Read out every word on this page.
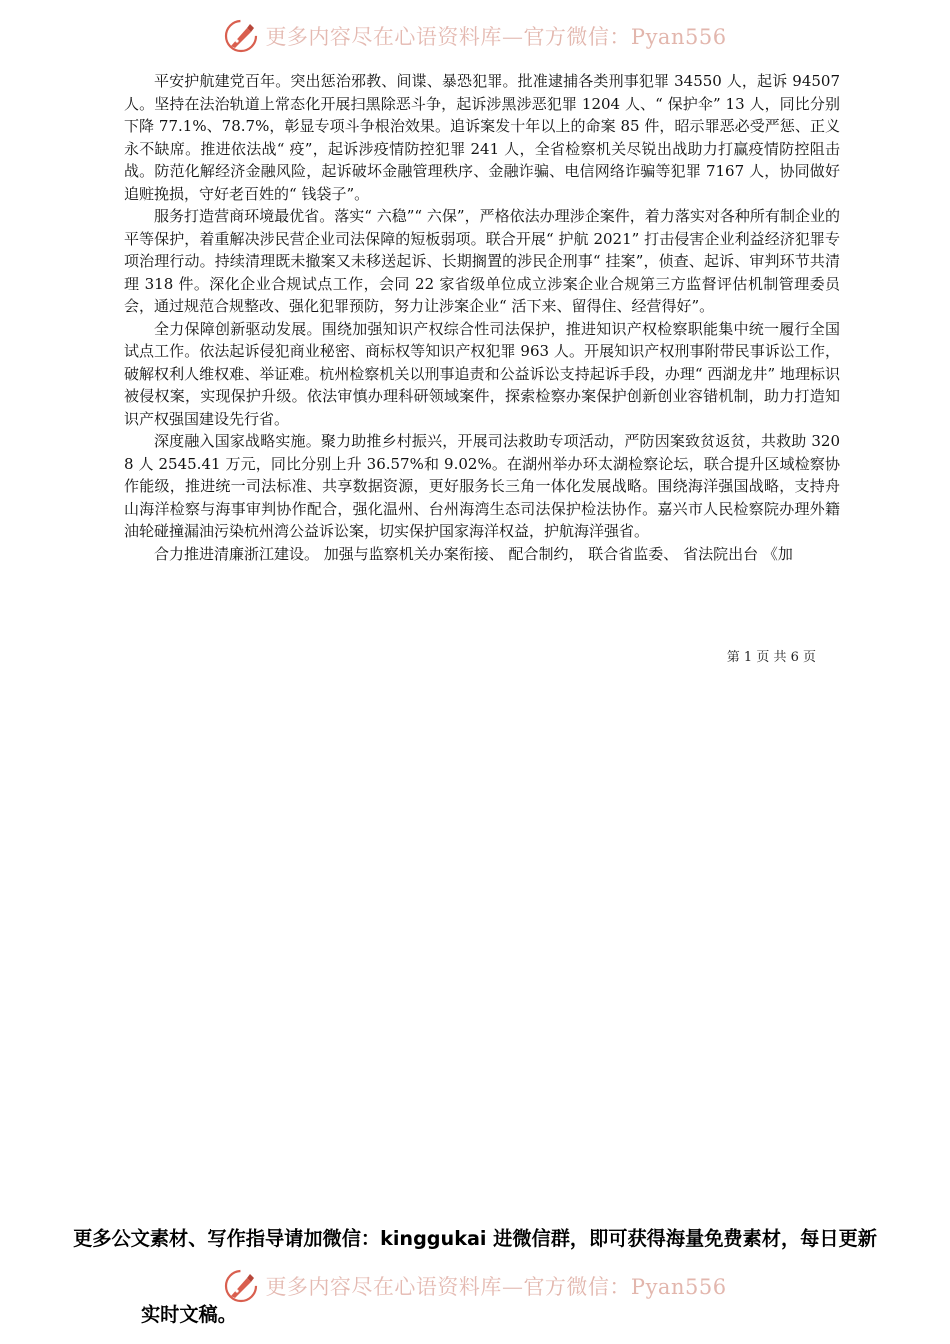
更多内容尽在心语资料库—官方微信：Pyan556

平安护航建党百年。突出惩治邪教、间谍、暴恐犯罪。批准逮捕各类刑事犯罪 34550 人，起诉 94507 人。坚持在法治轨道上常态化开展扫黑除恶斗争，起诉涉黑涉恶犯罪 1204 人、“ 保护伞” 13 人，同比分别下降 77.1%、78.7%，彰显专项斗争根治效果。追诉案发十年以上的命案 85 件，昭示罪恶必受严惩、正义永不缺席。推进依法战“ 疫”，起诉涉疫情防控犯罪 241 人，全省检察机关尽锐出战助力打赢疫情防控阻击战。防范化解经济金融风险，起诉破坏金融管理秩序、金融诈骗、电信网络诈骗等犯罪 7167 人，协同做好追赃挽损，守好老百姓的“ 钱袋子”。

服务打造营商环境最优省。落实“ 六稳”“ 六保”，严格依法办理涉企案件，着力落实对各种所有制企业的平等保护，着重解决涉民营企业司法保障的短板弱项。联合开展“ 护航 2021” 打击侵害企业利益经济犯罪专项治理行动。持续清理既未撤案又未移送起诉、长期搁置的涉民企刑事“ 挂案”，侦查、起诉、审判环节共清理 318 件。深化企业合规试点工作，会同 22 家省级单位成立涉案企业合规第三方监督评估机制管理委员会，通过规范合规整改、强化犯罪预防，努力让涉案企业“ 活下来、留得住、经营得好”。

全力保障创新驱动发展。围绕加强知识产权综合性司法保护，推进知识产权检察职能集中统一履行全国试点工作。依法起诉侵犯商业秘密、商标权等知识产权犯罪 963 人。开展知识产权刑事附带民事诉讼工作，破解权利人维权难、举证难。杭州检察机关以刑事追责和公益诉讼支持起诉手段，办理“ 西湖龙井” 地理标识被侵权案，实现保护升级。依法审慎办理科研领域案件，探索检察办案保护创新创业容错机制，助力打造知识产权强国建设先行省。

深度融入国家战略实施。聚力助推乡村振兴，开展司法救助专项活动，严防因案致贫返贫，共救助 3208 人 2545.41 万元，同比分别上升 36.57%和 9.02%。在湖州举办环太湖检察论坛，联合提升区域检察协作能级，推进统一司法标准、共享数据资源，更好服务长三角一体化发展战略。围绕海洋强国战略，支持舟山海洋检察与海事审判协作配合，强化温州、台州海湾生态司法保护检法协作。嘉兴市人民检察院办理外籍油轮碰撞漏油污染杭州湾公益诉讼案，切实保护国家海洋权益，护航海洋强省。

合力推进清廉浙江建设。 加强与监察机关办案衔接、 配合制约， 联合省监委、 省法院出台 《加

第 1 页 共 6 页
更多公文素材、写作指导请加微信：kinggukai 进微信群，即可获得海量免费素材，每日更新
更多内容尽在心语资料库—官方微信：Pyan556
实时文稿。
